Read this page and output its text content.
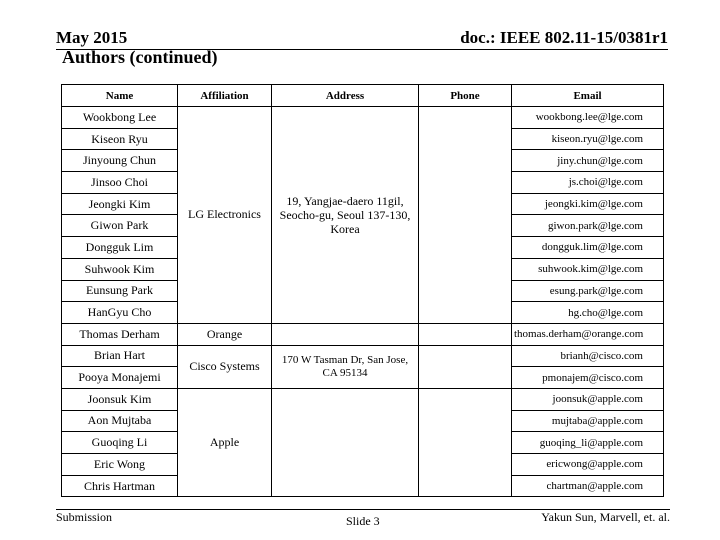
May 2015	doc.: IEEE 802.11-15/0381r1
Authors (continued)
Name	Affiliation	Address	Phone	Email
Wookbong Lee	LG Electronics	19, Yangjae-daero 11gil, Seocho-gu, Seoul 137-130, Korea		wookbong.lee@lge.com
Kiseon Ryu				kiseon.ryu@lge.com
Jinyoung Chun				jiny.chun@lge.com
Jinsoo Choi				js.choi@lge.com
Jeongki Kim				jeongki.kim@lge.com
Giwon Park				giwon.park@lge.com
Dongguk Lim				dongguk.lim@lge.com
Suhwook Kim				suhwook.kim@lge.com
Eunsung Park				esung.park@lge.com
HanGyu Cho				hg.cho@lge.com
Thomas Derham	Orange			thomas.derham@orange.com
Brian Hart	Cisco Systems	170 W Tasman Dr, San Jose, CA 95134		brianh@cisco.com
Pooya Monajemi				pmonajem@cisco.com
Joonsuk Kim	Apple			joonsuk@apple.com
Aon Mujtaba				mujtaba@apple.com
Guoqing Li				guoqing_li@apple.com
Eric Wong				ericwong@apple.com
Chris Hartman				chartman@apple.com
Submission	Slide 3	Yakun Sun, Marvell, et. al.
